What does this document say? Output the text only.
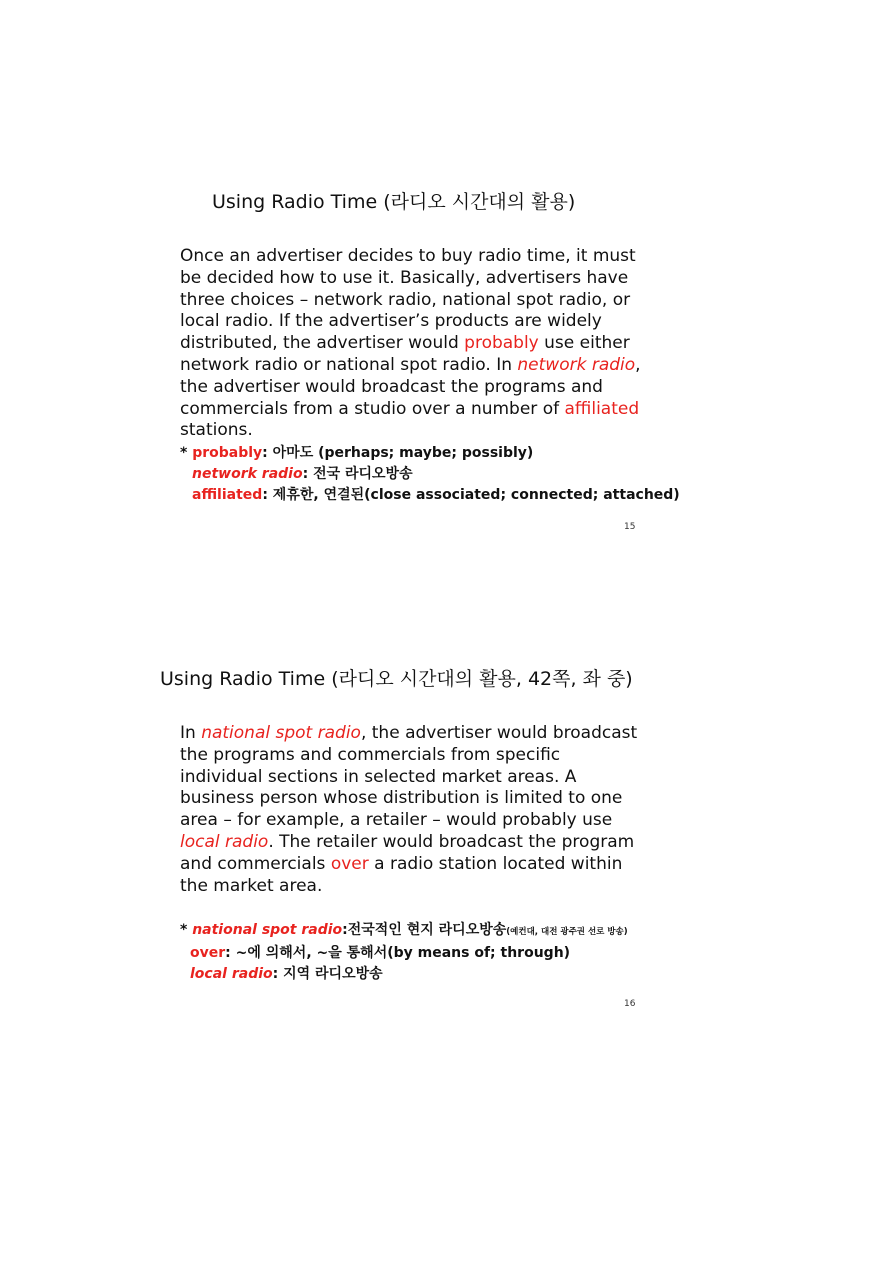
Using Radio Time (라디오 시간대의 활용)
Once an advertiser decides to buy radio time, it must
be decided how to use it. Basically, advertisers have
three choices – network radio, national spot radio, or
local radio. If the advertiser’s products are widely
distributed, the advertiser would probably use either
network radio or national spot radio. In network radio,
the advertiser would broadcast the programs and
commercials from a studio over a number of affiliated
stations.
* probably: 아마도 (perhaps; maybe; possibly)
network radio: 전국 라디오방송
affiliated: 제휴한, 연결된(close associated; connected; attached)
15
Using Radio Time (라디오 시간대의 활용, 42쪽, 좌 중)
In national spot radio, the advertiser would broadcast
the programs and commercials from specific
individual sections in selected market areas. A
business person whose distribution is limited to one
area – for example, a retailer – would probably use
local radio. The retailer would broadcast the program
and commercials over a radio station located within
the market area.
* national spot radio:전국적인 현지 라디오방송(예컨대, 대전 광주권 선로 방송)
over: ~에 의해서, ~을 통해서(by means of; through)
local radio: 지역 라디오방송
16
